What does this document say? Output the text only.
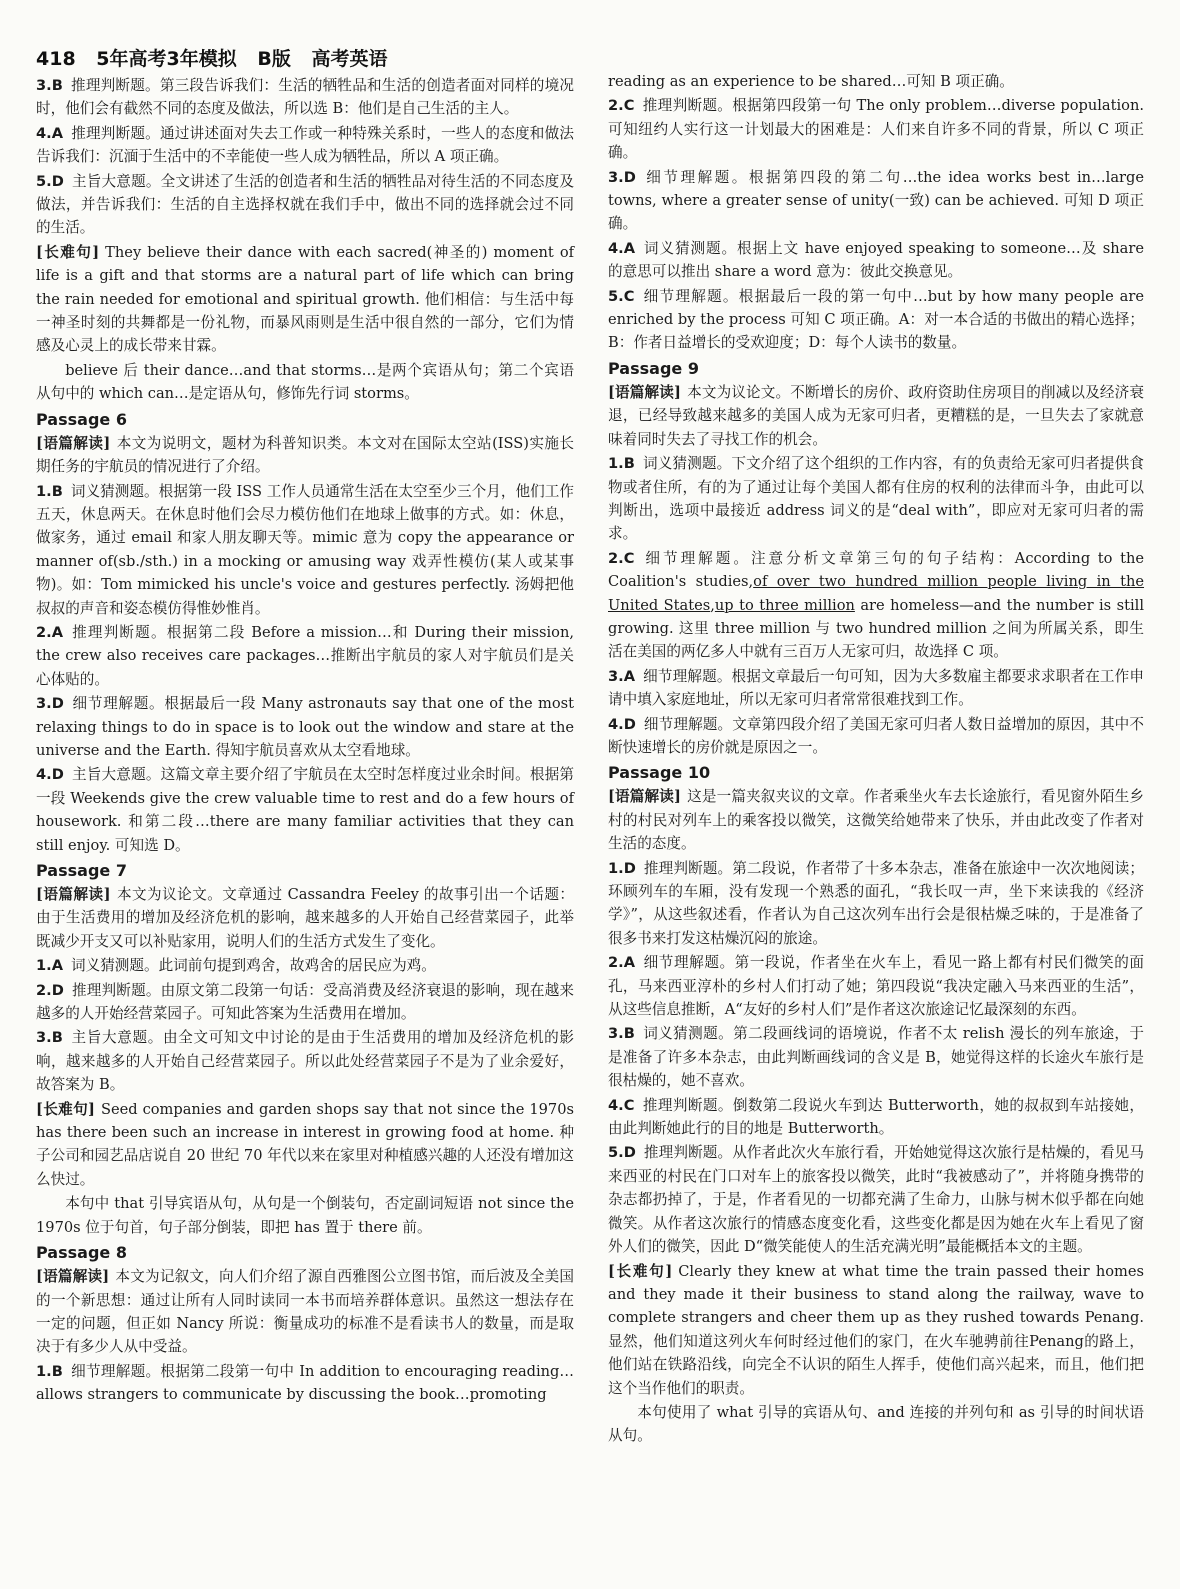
418 5年高考3年模拟 B版 高考英语
3.B 推理判断题。第三段告诉我们：生活的牺牲品和生活的创造者面对同样的境况时，他们会有截然不同的态度及做法，所以选 B：他们是自己生活的主人。
4.A 推理判断题。通过讲述面对失去工作或一种特殊关系时，一些人的态度和做法告诉我们：沉湎于生活中的不幸能使一些人成为牺牲品，所以 A 项正确。
5.D 主旨大意题。全文讲述了生活的创造者和生活的牺牲品对待生活的不同态度及做法，并告诉我们：生活的自主选择权就在我们手中，做出不同的选择就会过不同的生活。
[长难句] They believe their dance with each sacred(神圣的) moment of life is a gift and that storms are a natural part of life which can bring the rain needed for emotional and spiritual growth. 他们相信：与生活中每一神圣时刻的共舞都是一份礼物，而暴风雨则是生活中很自然的一部分，它们为情感及心灵上的成长带来甘霖。
believe 后 their dance…and that storms…是两个宾语从句；第二个宾语从句中的 which can…是定语从句，修饰先行词 storms。
Passage 6
[语篇解读] 本文为说明文，题材为科普知识类。本文对在国际太空站(ISS)实施长期任务的宇航员的情况进行了介绍。
1.B 词义猜测题。根据第一段 ISS 工作人员通常生活在太空至少三个月，他们工作五天，休息两天。在休息时他们会尽力模仿他们在地球上做事的方式。如：休息，做家务，通过 email 和家人朋友聊天等。mimic 意为 copy the appearance or manner of(sb./sth.) in a mocking or amusing way 戏弄性模仿(某人或某事物)。如：Tom mimicked his uncle's voice and gestures perfectly. 汤姆把他叔叔的声音和姿态模仿得惟妙惟肖。
2.A 推理判断题。根据第二段 Before a mission…和 During their mission, the crew also receives care packages…推断出宇航员的家人对宇航员们是关心体贴的。
3.D 细节理解题。根据最后一段 Many astronauts say that one of the most relaxing things to do in space is to look out the window and stare at the universe and the Earth. 得知宇航员喜欢从太空看地球。
4.D 主旨大意题。这篇文章主要介绍了宇航员在太空时怎样度过业余时间。根据第一段 Weekends give the crew valuable time to rest and do a few hours of housework. 和第二段…there are many familiar activities that they can still enjoy. 可知选 D。
Passage 7
[语篇解读] 本文为议论文。文章通过 Cassandra Feeley 的故事引出一个话题：由于生活费用的增加及经济危机的影响，越来越多的人开始自己经营菜园子，此举既减少开支又可以补贴家用，说明人们的生活方式发生了变化。
1.A 词义猜测题。此词前句提到鸡舍，故鸡舍的居民应为鸡。
2.D 推理判断题。由原文第二段第一句话：受高消费及经济衰退的影响，现在越来越多的人开始经营菜园子。可知此答案为生活费用在增加。
3.B 主旨大意题。由全文可知文中讨论的是由于生活费用的增加及经济危机的影响，越来越多的人开始自己经营菜园子。所以此处经营菜园子不是为了业余爱好，故答案为 B。
[长难句] Seed companies and garden shops say that not since the 1970s has there been such an increase in interest in growing food at home. 种子公司和园艺品店说自 20 世纪 70 年代以来在家里对种植感兴趣的人还没有增加这么快过。
本句中 that 引导宾语从句，从句是一个倒装句，否定副词短语 not since the 1970s 位于句首，句子部分倒装，即把 has 置于 there 前。
Passage 8
[语篇解读] 本文为记叙文，向人们介绍了源自西雅图公立图书馆，而后波及全美国的一个新思想：通过让所有人同时读同一本书而培养群体意识。虽然这一想法存在一定的问题，但正如 Nancy 所说：衡量成功的标准不是看读书人的数量，而是取决于有多少人从中受益。
1.B 细节理解题。根据第二段第一句中 In addition to encouraging reading…allows strangers to communicate by discussing the book…promoting
reading as an experience to be shared…可知 B 项正确。
2.C 推理判断题。根据第四段第一句 The only problem…diverse population. 可知纽约人实行这一计划最大的困难是：人们来自许多不同的背景，所以 C 项正确。
3.D 细节理解题。根据第四段的第二句…the idea works best in…large towns, where a greater sense of unity(一致) can be achieved. 可知 D 项正确。
4.A 词义猜测题。根据上文 have enjoyed speaking to someone…及 share 的意思可以推出 share a word 意为：彼此交换意见。
5.C 细节理解题。根据最后一段的第一句中…but by how many people are enriched by the process 可知 C 项正确。A：对一本合适的书做出的精心选择；B：作者日益增长的受欢迎度；D：每个人读书的数量。
Passage 9
[语篇解读] 本文为议论文。不断增长的房价、政府资助住房项目的削减以及经济衰退，已经导致越来越多的美国人成为无家可归者，更糟糕的是，一旦失去了家就意味着同时失去了寻找工作的机会。
1.B 词义猜测题。下文介绍了这个组织的工作内容，有的负责给无家可归者提供食物或者住所，有的为了通过让每个美国人都有住房的权利的法律而斗争，由此可以判断出，选项中最接近 address 词义的是“deal with”，即应对无家可归者的需求。
2.C 细节理解题。注意分析文章第三句的句子结构：According to the Coalition's studies,of over two hundred million people living in the United States,up to three million are homeless—and the number is still growing. 这里 three million 与 two hundred million 之间为所属关系，即生活在美国的两亿多人中就有三百万人无家可归，故选择 C 项。
3.A 细节理解题。根据文章最后一句可知，因为大多数雇主都要求求职者在工作申请中填入家庭地址，所以无家可归者常常很难找到工作。
4.D 细节理解题。文章第四段介绍了美国无家可归者人数日益增加的原因，其中不断快速增长的房价就是原因之一。
Passage 10
[语篇解读] 这是一篇夹叙夹议的文章。作者乘坐火车去长途旅行，看见窗外陌生乡村的村民对列车上的乘客投以微笑，这微笑给她带来了快乐，并由此改变了作者对生活的态度。
1.D 推理判断题。第二段说，作者带了十多本杂志，准备在旅途中一次次地阅读；环顾列车的车厢，没有发现一个熟悉的面孔，“我长叹一声，坐下来读我的《经济学》”，从这些叙述看，作者认为自己这次列车出行会是很枯燥乏味的，于是准备了很多书来打发这枯燥沉闷的旅途。
2.A 细节理解题。第一段说，作者坐在火车上，看见一路上都有村民们微笑的面孔，马来西亚淳朴的乡村人们打动了她；第四段说“我决定融入马来西亚的生活”，从这些信息推断，A“友好的乡村人们”是作者这次旅途记忆最深刻的东西。
3.B 词义猜测题。第二段画线词的语境说，作者不太 relish 漫长的列车旅途，于是准备了许多本杂志，由此判断画线词的含义是 B，她觉得这样的长途火车旅行是很枯燥的，她不喜欢。
4.C 推理判断题。倒数第二段说火车到达 Butterworth，她的叔叔到车站接她，由此判断她此行的目的地是 Butterworth。
5.D 推理判断题。从作者此次火车旅行看，开始她觉得这次旅行是枯燥的，看见马来西亚的村民在门口对车上的旅客投以微笑，此时“我被感动了”，并将随身携带的杂志都扔掉了，于是，作者看见的一切都充满了生命力，山脉与树木似乎都在向她微笑。从作者这次旅行的情感态度变化看，这些变化都是因为她在火车上看见了窗外人们的微笑，因此 D“微笑能使人的生活充满光明”最能概括本文的主题。
[长难句] Clearly they knew at what time the train passed their homes and they made it their business to stand along the railway, wave to complete strangers and cheer them up as they rushed towards Penang. 显然，他们知道这列火车何时经过他们的家门，在火车驰骋前往Penang的路上，他们站在铁路沿线，向完全不认识的陌生人挥手，使他们高兴起来，而且，他们把这个当作他们的职责。
本句使用了 what 引导的宾语从句、and 连接的并列句和 as 引导的时间状语从句。
